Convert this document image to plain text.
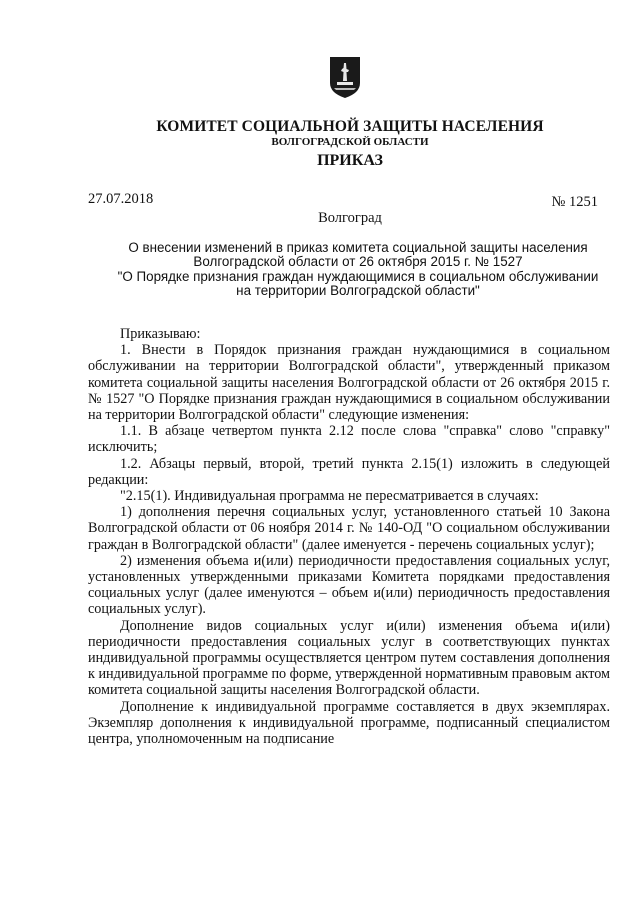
КОМИТЕТ СОЦИАЛЬНОЙ ЗАЩИТЫ НАСЕЛЕНИЯ
ВОЛГОГРАДСКОЙ ОБЛАСТИ
ПРИКАЗ
27.07.2018	№ 1251
Волгоград
О внесении изменений в приказ комитета социальной защиты населения
Волгоградской области от 26 октября 2015 г. № 1527
"О Порядке признания граждан нуждающимися в социальном обслуживании
на территории Волгоградской области"

Приказываю:

1. Внести в Порядок признания граждан нуждающимися в социальном обслуживании на территории Волгоградской области", утвержденный приказом комитета социальной защиты населения Волгоградской области от 26 октября 2015 г. № 1527 "О Порядке признания граждан нуждающимися в социальном обслуживании на территории Волгоградской области" следующие изменения:

1.1. В абзаце четвертом пункта 2.12 после слова "справка" слово "справку" исключить;

1.2. Абзацы первый, второй, третий пункта 2.15(1) изложить в следующей редакции:

"2.15(1). Индивидуальная программа не пересматривается в случаях:

1) дополнения перечня социальных услуг, установленного статьей 10 Закона Волгоградской области от 06 ноября 2014 г. № 140-ОД "О социальном обслуживании граждан в Волгоградской области" (далее именуется - перечень социальных услуг);

2) изменения объема и(или) периодичности предоставления социальных услуг, установленных утвержденными приказами Комитета порядками предоставления социальных услуг (далее именуются – объем и(или) периодичность предоставления социальных услуг).

Дополнение видов социальных услуг и(или) изменения объема и(или) периодичности предоставления социальных услуг в соответствующих пунктах индивидуальной программы осуществляется центром путем составления дополнения к индивидуальной программе по форме, утвержденной нормативным правовым актом комитета социальной защиты населения Волгоградской области.

Дополнение к индивидуальной программе составляется в двух экземплярах. Экземпляр дополнения к индивидуальной программе, подписанный специалистом центра, уполномоченным на подписание
